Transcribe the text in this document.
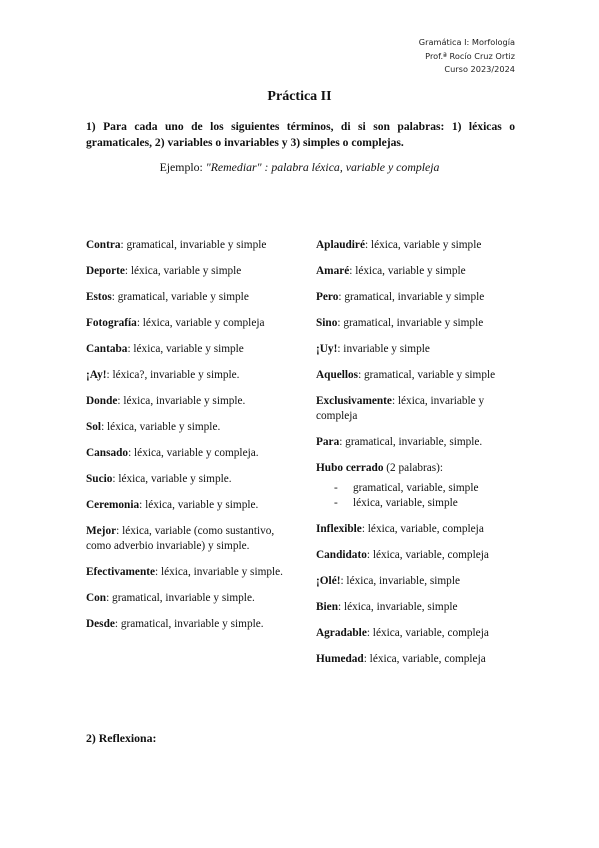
Gramática I: Morfología
Prof.ª Rocío Cruz Ortiz
Curso 2023/2024
Práctica II
1) Para cada uno de los siguientes términos, di si son palabras: 1) léxicas o gramaticales, 2) variables o invariables y 3) simples o complejas.
Ejemplo: "Remediar" : palabra léxica, variable y compleja
Contra: gramatical, invariable y simple
Deporte: léxica, variable y simple
Estos: gramatical, variable y simple
Fotografía: léxica, variable y compleja
Cantaba: léxica, variable y simple
¡Ay!: léxica?, invariable y simple.
Donde: léxica, invariable y simple.
Sol: léxica, variable y simple.
Cansado: léxica, variable y compleja.
Sucio: léxica, variable y simple.
Ceremonia: léxica, variable y simple.
Mejor: léxica, variable (como sustantivo, como adverbio invariable) y simple.
Efectivamente: léxica, invariable y simple.
Con: gramatical, invariable y simple.
Desde: gramatical, invariable y simple.
Aplaudiré: léxica, variable y simple
Amaré: léxica, variable y simple
Pero: gramatical, invariable y simple
Sino: gramatical, invariable y simple
¡Uy!: invariable y simple
Aquellos: gramatical, variable y simple
Exclusivamente: léxica, invariable y compleja
Para: gramatical, invariable, simple.
Hubo cerrado (2 palabras):
- gramatical, variable, simple
- léxica, variable, simple
Inflexible: léxica, variable, compleja
Candidato: léxica, variable, compleja
¡Olé!: léxica, invariable, simple
Bien: léxica, invariable, simple
Agradable: léxica, variable, compleja
Humedad: léxica, variable, compleja
2) Reflexiona:
